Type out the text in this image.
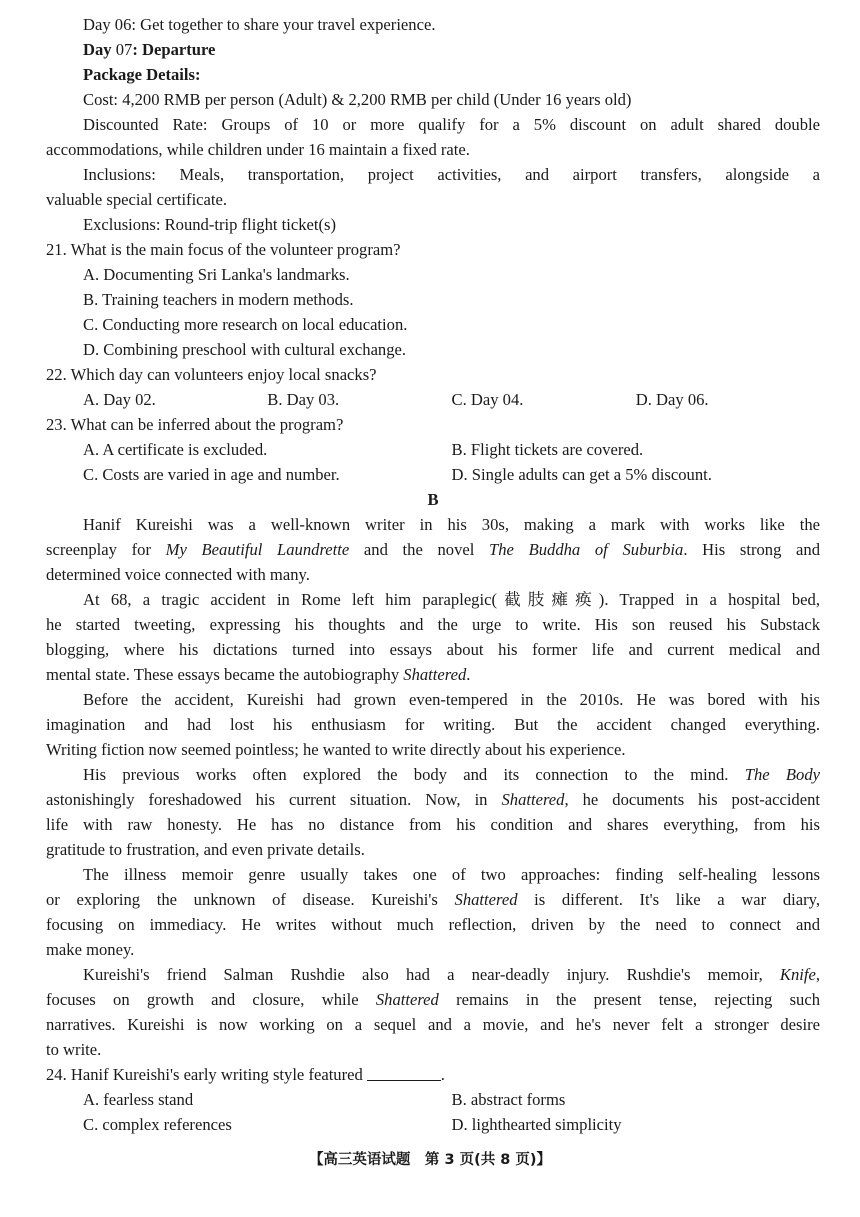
Day 06: Get together to share your travel experience.
Day 07: Departure
Package Details:
Cost: 4,200 RMB per person (Adult) & 2,200 RMB per child (Under 16 years old)
Discounted Rate: Groups of 10 or more qualify for a 5% discount on adult shared double
accommodations, while children under 16 maintain a fixed rate.
Inclusions: Meals, transportation, project activities, and airport transfers, alongside a
valuable special certificate.
Exclusions: Round-trip flight ticket(s)
21. What is the main focus of the volunteer program?
A. Documenting Sri Lanka's landmarks.
B. Training teachers in modern methods.
C. Conducting more research on local education.
D. Combining preschool with cultural exchange.
22. Which day can volunteers enjoy local snacks?
A. Day 02.	B. Day 03.	C. Day 04.	D. Day 06.
23. What can be inferred about the program?
A. A certificate is excluded.	B. Flight tickets are covered.
C. Costs are varied in age and number.	D. Single adults can get a 5% discount.
B
Hanif Kureishi was a well-known writer in his 30s, making a mark with works like the
screenplay for My Beautiful Laundrette and the novel The Buddha of Suburbia. His strong and
determined voice connected with many.
At 68, a tragic accident in Rome left him paraplegic(截肢瘫痪). Trapped in a hospital bed,
he started tweeting, expressing his thoughts and the urge to write. His son reused his Substack
blogging, where his dictations turned into essays about his former life and current medical and
mental state. These essays became the autobiography Shattered.
Before the accident, Kureishi had grown even-tempered in the 2010s. He was bored with his
imagination and had lost his enthusiasm for writing. But the accident changed everything.
Writing fiction now seemed pointless; he wanted to write directly about his experience.
His previous works often explored the body and its connection to the mind. The Body
astonishingly foreshadowed his current situation. Now, in Shattered, he documents his post-accident
life with raw honesty. He has no distance from his condition and shares everything, from his
gratitude to frustration, and even private details.
The illness memoir genre usually takes one of two approaches: finding self-healing lessons
or exploring the unknown of disease. Kureishi's Shattered is different. It's like a war diary,
focusing on immediacy. He writes without much reflection, driven by the need to connect and
make money.
Kureishi's friend Salman Rushdie also had a near-deadly injury. Rushdie's memoir, Knife,
focuses on growth and closure, while Shattered remains in the present tense, rejecting such
narratives. Kureishi is now working on a sequel and a movie, and he's never felt a stronger desire
to write.
24. Hanif Kureishi's early writing style featured	.
A. fearless stand	B. abstract forms
C. complex references	D. lighthearted simplicity
【高三英语试题　第 3 页(共 8 页)】
